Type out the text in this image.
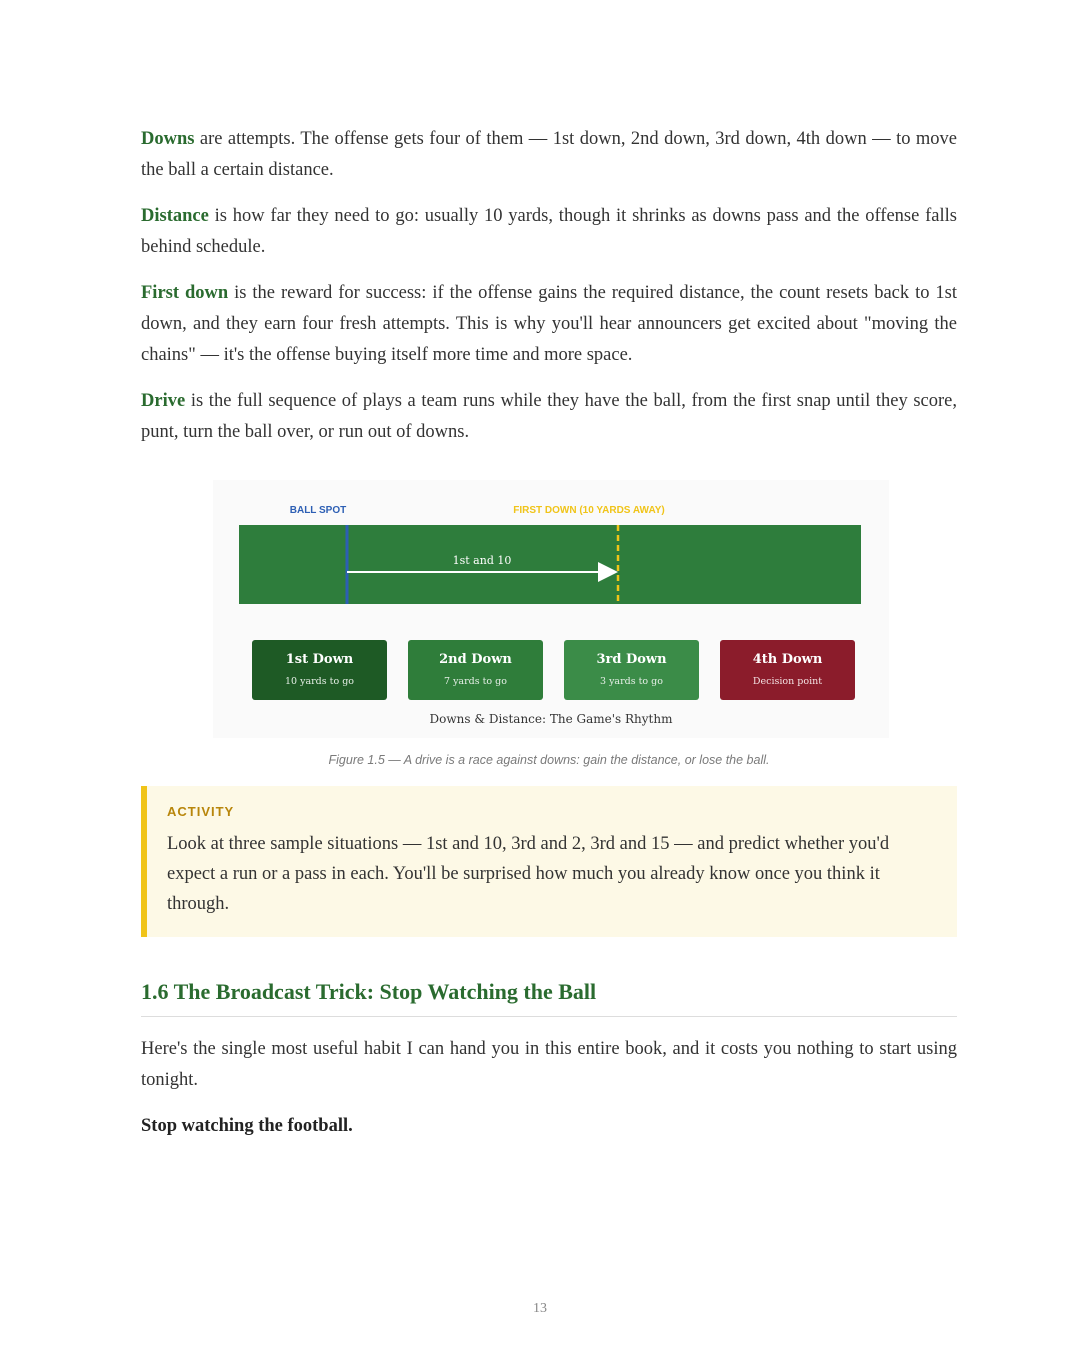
Downs are attempts. The offense gets four of them — 1st down, 2nd down, 3rd down, 4th down — to move the ball a certain distance.

Distance is how far they need to go: usually 10 yards, though it shrinks as downs pass and the offense falls behind schedule.

First down is the reward for success: if the offense gains the required distance, the count resets back to 1st down, and they earn four fresh attempts. This is why you'll hear announcers get excited about "moving the chains" — it's the offense buying itself more time and more space.

Drive is the full sequence of plays a team runs while they have the ball, from the first snap until they score, punt, turn the ball over, or run out of downs.

BALL SPOT	FIRST DOWN (10 YARDS AWAY)
1st and 10
1st Down
10 yards to go
2nd Down
7 yards to go
3rd Down
3 yards to go
4th Down
Decision point
Downs & Distance: The Game's Rhythm
Figure 1.5 — A drive is a race against downs: gain the distance, or lose the ball.
ACTIVITY

Look at three sample situations — 1st and 10, 3rd and 2, 3rd and 15 — and predict whether you'd expect a run or a pass in each. You'll be surprised how much you already know once you think it through.

1.6 The Broadcast Trick: Stop Watching the Ball

Here's the single most useful habit I can hand you in this entire book, and it costs you nothing to start using tonight.

Stop watching the football.

13
